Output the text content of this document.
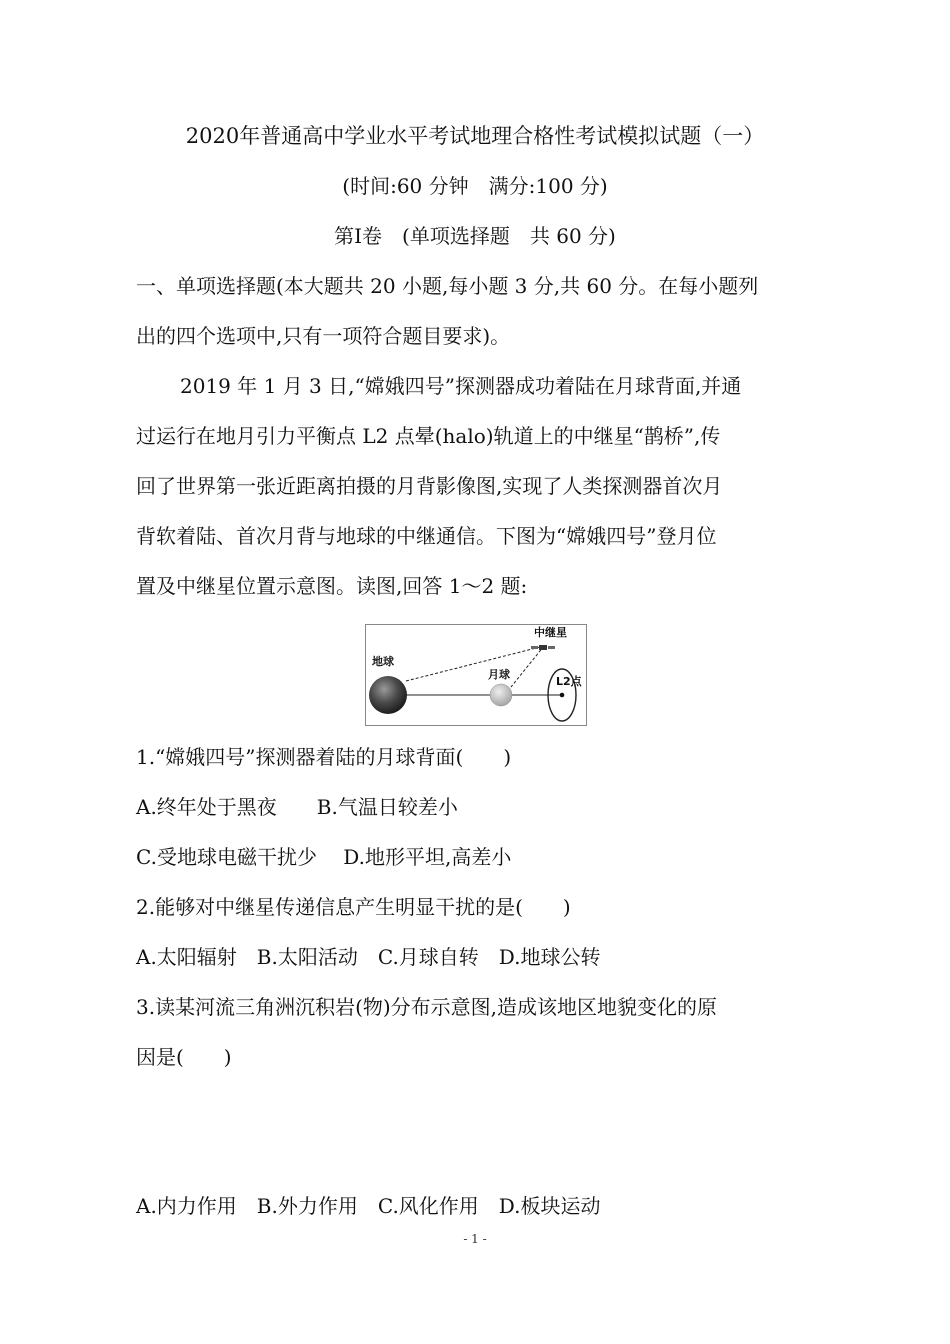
2020年普通高中学业水平考试地理合格性考试模拟试题（一）
(时间:60 分钟　满分:100 分)
第Ⅰ卷　(单项选择题　共 60 分)
一、单项选择题(本大题共 20 小题,每小题 3 分,共 60 分。在每小题列
出的四个选项中,只有一项符合题目要求)。
2019 年 1 月 3 日,“嫦娥四号”探测器成功着陆在月球背面,并通
过运行在地月引力平衡点 L2 点晕(halo)轨道上的中继星“鹊桥”,传
回了世界第一张近距离拍摄的月背影像图,实现了人类探测器首次月
背软着陆、首次月背与地球的中继通信。下图为“嫦娥四号”登月位
置及中继星位置示意图。读图,回答 1～2 题:
地球
月球
中继星
L2点
1.“嫦娥四号”探测器着陆的月球背面(　　)
A.终年处于黑夜　　B.气温日较差小
C.受地球电磁干扰少　 D.地形平坦,高差小
2.能够对中继星传递信息产生明显干扰的是(　　)
A.太阳辐射　B.太阳活动　C.月球自转　D.地球公转
3.读某河流三角洲沉积岩(物)分布示意图,造成该地区地貌变化的原
因是(　　)
A.内力作用　B.外力作用　C.风化作用　D.板块运动
- 1 -
